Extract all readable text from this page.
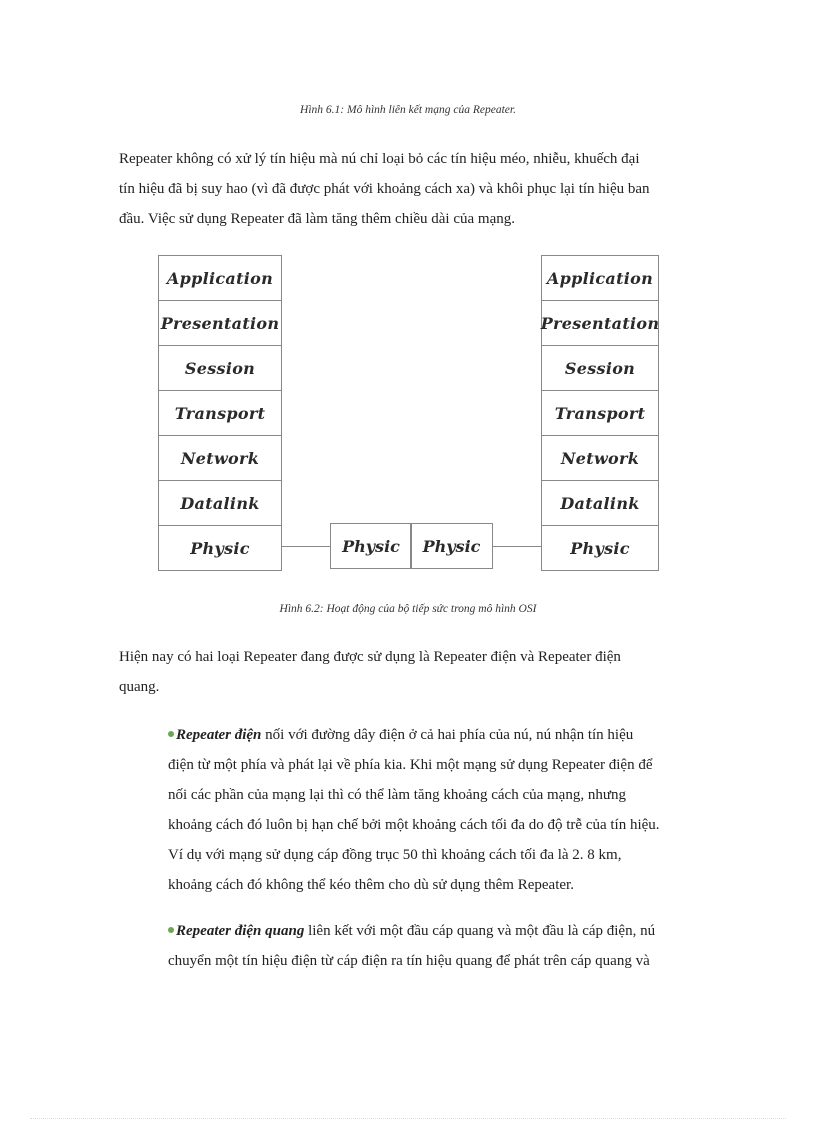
Hình 6.1: Mô hình liên kết mạng của Repeater.
Repeater không có xử lý tín hiệu mà nú chỉ loại bỏ các tín hiệu méo, nhiễu, khuếch đại
tín hiệu đã bị suy hao (vì đã được phát với khoảng cách xa) và khôi phục lại tín hiệu ban
đầu. Việc sử dụng Repeater đã làm tăng thêm chiều dài của mạng.
Application
Presentation
Session
Transport
Network
Datalink
Physic
Application
Presentation
Session
Transport
Network
Datalink
Physic
Physic	Physic
Hình 6.2: Hoạt động của bộ tiếp sức trong mô hình OSI
Hiện nay có hai loại Repeater đang được sử dụng là Repeater điện và Repeater điện
quang.
Repeater điện nối với đường dây điện ở cả hai phía của nú, nú nhận tín hiệu
điện từ một phía và phát lại về phía kia. Khi một mạng sử dụng Repeater điện để
nối các phần của mạng lại thì có thể làm tăng khoảng cách của mạng, nhưng
khoảng cách đó luôn bị hạn chế bởi một khoảng cách tối đa do độ trễ của tín hiệu.
Ví dụ với mạng sử dụng cáp đồng trục 50 thì khoảng cách tối đa là 2. 8 km,
khoảng cách đó không thể kéo thêm cho dù sử dụng thêm Repeater.
Repeater điện quang liên kết với một đầu cáp quang và một đầu là cáp điện, nú
chuyển một tín hiệu điện từ cáp điện ra tín hiệu quang để phát trên cáp quang và
